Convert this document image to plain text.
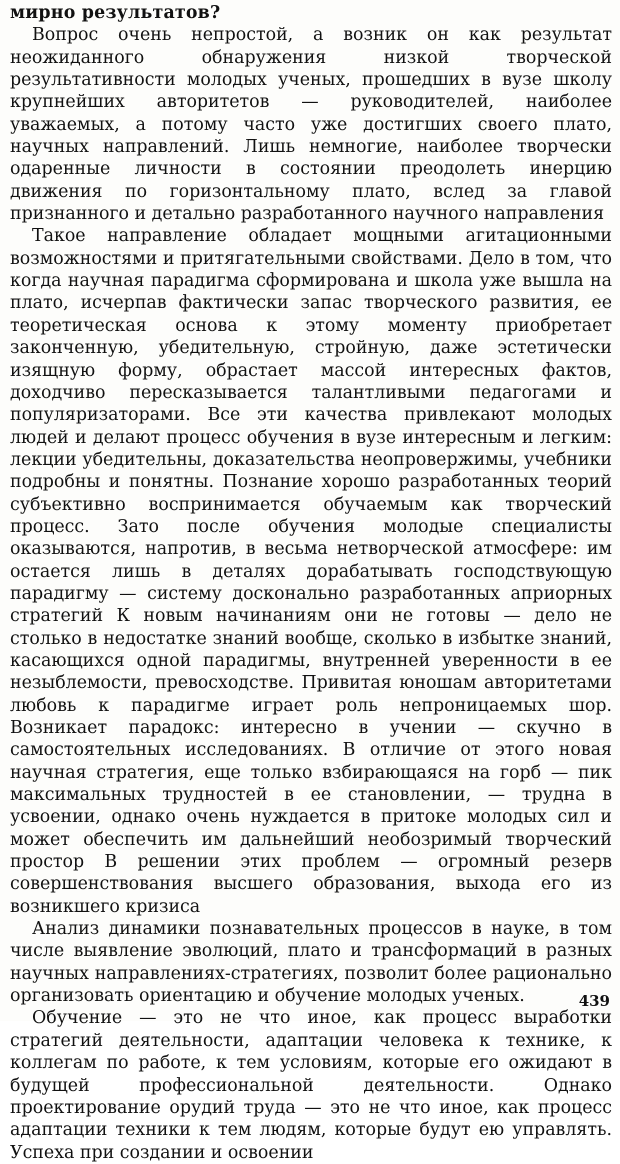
мирно результатов?

Вопрос очень непростой, а возник он как результат неожиданного обнаружения низкой творческой результативности молодых ученых, прошедших в вузе школу крупнейших авторитетов — руководителей, наиболее уважаемых, а потому часто уже достигших своего плато, научных направлений. Лишь немногие, наиболее творчески одаренные личности в состоянии преодолеть инерцию движения по горизонтальному плато, вслед за главой признанного и детально разработанного научного направления

Такое направление обладает мощными агитационными возможностями и притягательными свойствами. Дело в том, что когда научная парадигма сформирована и школа уже вышла на плато, исчерпав фактически запас творческого развития, ее теоретическая основа к этому моменту приобретает законченную, убедительную, стройную, даже эстетически изящную форму, обрастает массой интересных фактов, доходчиво пересказывается талантливыми педагогами и популяризаторами. Все эти качества привлекают молодых людей и делают процесс обучения в вузе интересным и легким: лекции убедительны, доказательства неопровержимы, учебники подробны и понятны. Познание хорошо разработанных теорий субъективно воспринимается обучаемым как творческий процесс. Зато после обучения молодые специалисты оказываются, напротив, в весьма нетворческой атмосфере: им остается лишь в деталях дорабатывать господствующую парадигму — систему досконально разработанных априорных стратегий К новым начинаниям они не готовы — дело не столько в недостатке знаний вообще, сколько в избытке знаний, касающихся одной парадигмы, внутренней уверенности в ее незыблемости, превосходстве. Привитая юношам авторитетами любовь к парадигме играет роль непроницаемых шор. Возникает парадокс: интересно в учении — скучно в самостоятельных исследованиях. В отличие от этого новая научная стратегия, еще только взбирающаяся на горб — пик максимальных трудностей в ее становлении, — трудна в усвоении, однако очень нуждается в притоке молодых сил и может обеспечить им дальнейший необозримый творческий простор В решении этих проблем — огромный резерв совершенствования высшего образования, выхода его из возникшего кризиса

Анализ динамики познавательных процессов в науке, в том числе выявление эволюций, плато и трансформаций в разных научных направлениях-стратегиях, позволит более рационально организовать ориентацию и обучение молодых ученых.

Обучение — это не что иное, как процесс выработки стратегий деятельности, адаптации человека к технике, к коллегам по работе, к тем условиям, которые его ожидают в будущей профессиональной деятельности. Однако проектирование орудий труда — это не что иное, как процесс адаптации техники к тем людям, которые будут ею управлять. Успеха при создании и освоении

439
